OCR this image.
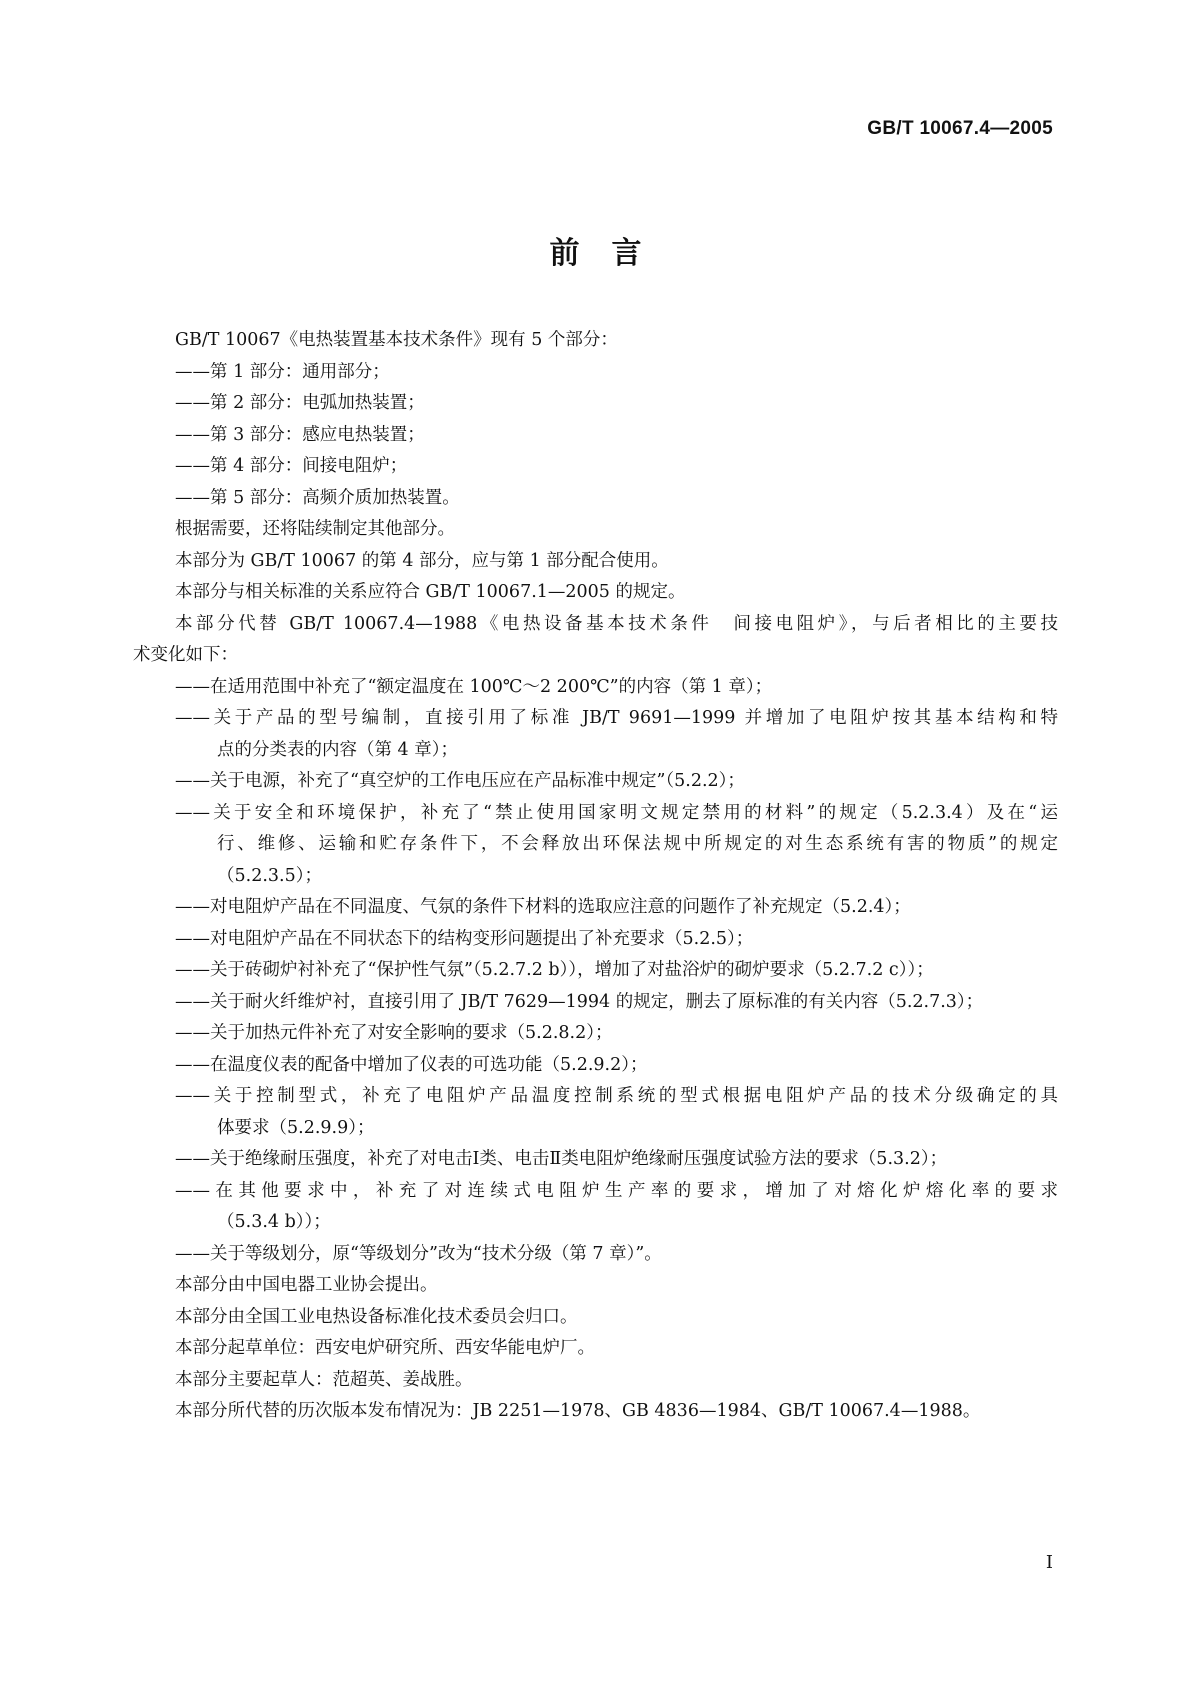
GB/T 10067.4—2005
前言
GB/T 10067《电热装置基本技术条件》现有 5 个部分：
——第 1 部分：通用部分；
——第 2 部分：电弧加热装置；
——第 3 部分：感应电热装置；
——第 4 部分：间接电阻炉；
——第 5 部分：高频介质加热装置。
根据需要，还将陆续制定其他部分。
本部分为 GB/T 10067 的第 4 部分，应与第 1 部分配合使用。
本部分与相关标准的关系应符合 GB/T 10067.1—2005 的规定。
本部分代替 GB/T 10067.4—1988《电热设备基本技术条件　间接电阻炉》，与后者相比的主要技
术变化如下：
——在适用范围中补充了“额定温度在 100℃～2 200℃”的内容（第 1 章）；
——关于产品的型号编制，直接引用了标准 JB/T 9691—1999 并增加了电阻炉按其基本结构和特
点的分类表的内容（第 4 章）；
——关于电源，补充了“真空炉的工作电压应在产品标准中规定”（5.2.2）；
——关于安全和环境保护，补充了“禁止使用国家明文规定禁用的材料”的规定（5.2.3.4）及在“运
行、维修、运输和贮存条件下，不会释放出环保法规中所规定的对生态系统有害的物质”的规定
（5.2.3.5）；
——对电阻炉产品在不同温度、气氛的条件下材料的选取应注意的问题作了补充规定（5.2.4）；
——对电阻炉产品在不同状态下的结构变形问题提出了补充要求（5.2.5）；
——关于砖砌炉衬补充了“保护性气氛”（5.2.7.2 b）），增加了对盐浴炉的砌炉要求（5.2.7.2 c））；
——关于耐火纤维炉衬，直接引用了 JB/T 7629—1994 的规定，删去了原标准的有关内容（5.2.7.3）；
——关于加热元件补充了对安全影响的要求（5.2.8.2）；
——在温度仪表的配备中增加了仪表的可选功能（5.2.9.2）；
——关于控制型式，补充了电阻炉产品温度控制系统的型式根据电阻炉产品的技术分级确定的具
体要求（5.2.9.9）；
——关于绝缘耐压强度，补充了对电击Ⅰ类、电击Ⅱ类电阻炉绝缘耐压强度试验方法的要求（5.3.2）；
——在其他要求中，补充了对连续式电阻炉生产率的要求，增加了对熔化炉熔化率的要求
（5.3.4 b））；
——关于等级划分，原“等级划分”改为“技术分级（第 7 章）”。
本部分由中国电器工业协会提出。
本部分由全国工业电热设备标准化技术委员会归口。
本部分起草单位：西安电炉研究所、西安华能电炉厂。
本部分主要起草人：范超英、姜战胜。
本部分所代替的历次版本发布情况为：JB 2251—1978、GB 4836—1984、GB/T 10067.4—1988。
Ⅰ
